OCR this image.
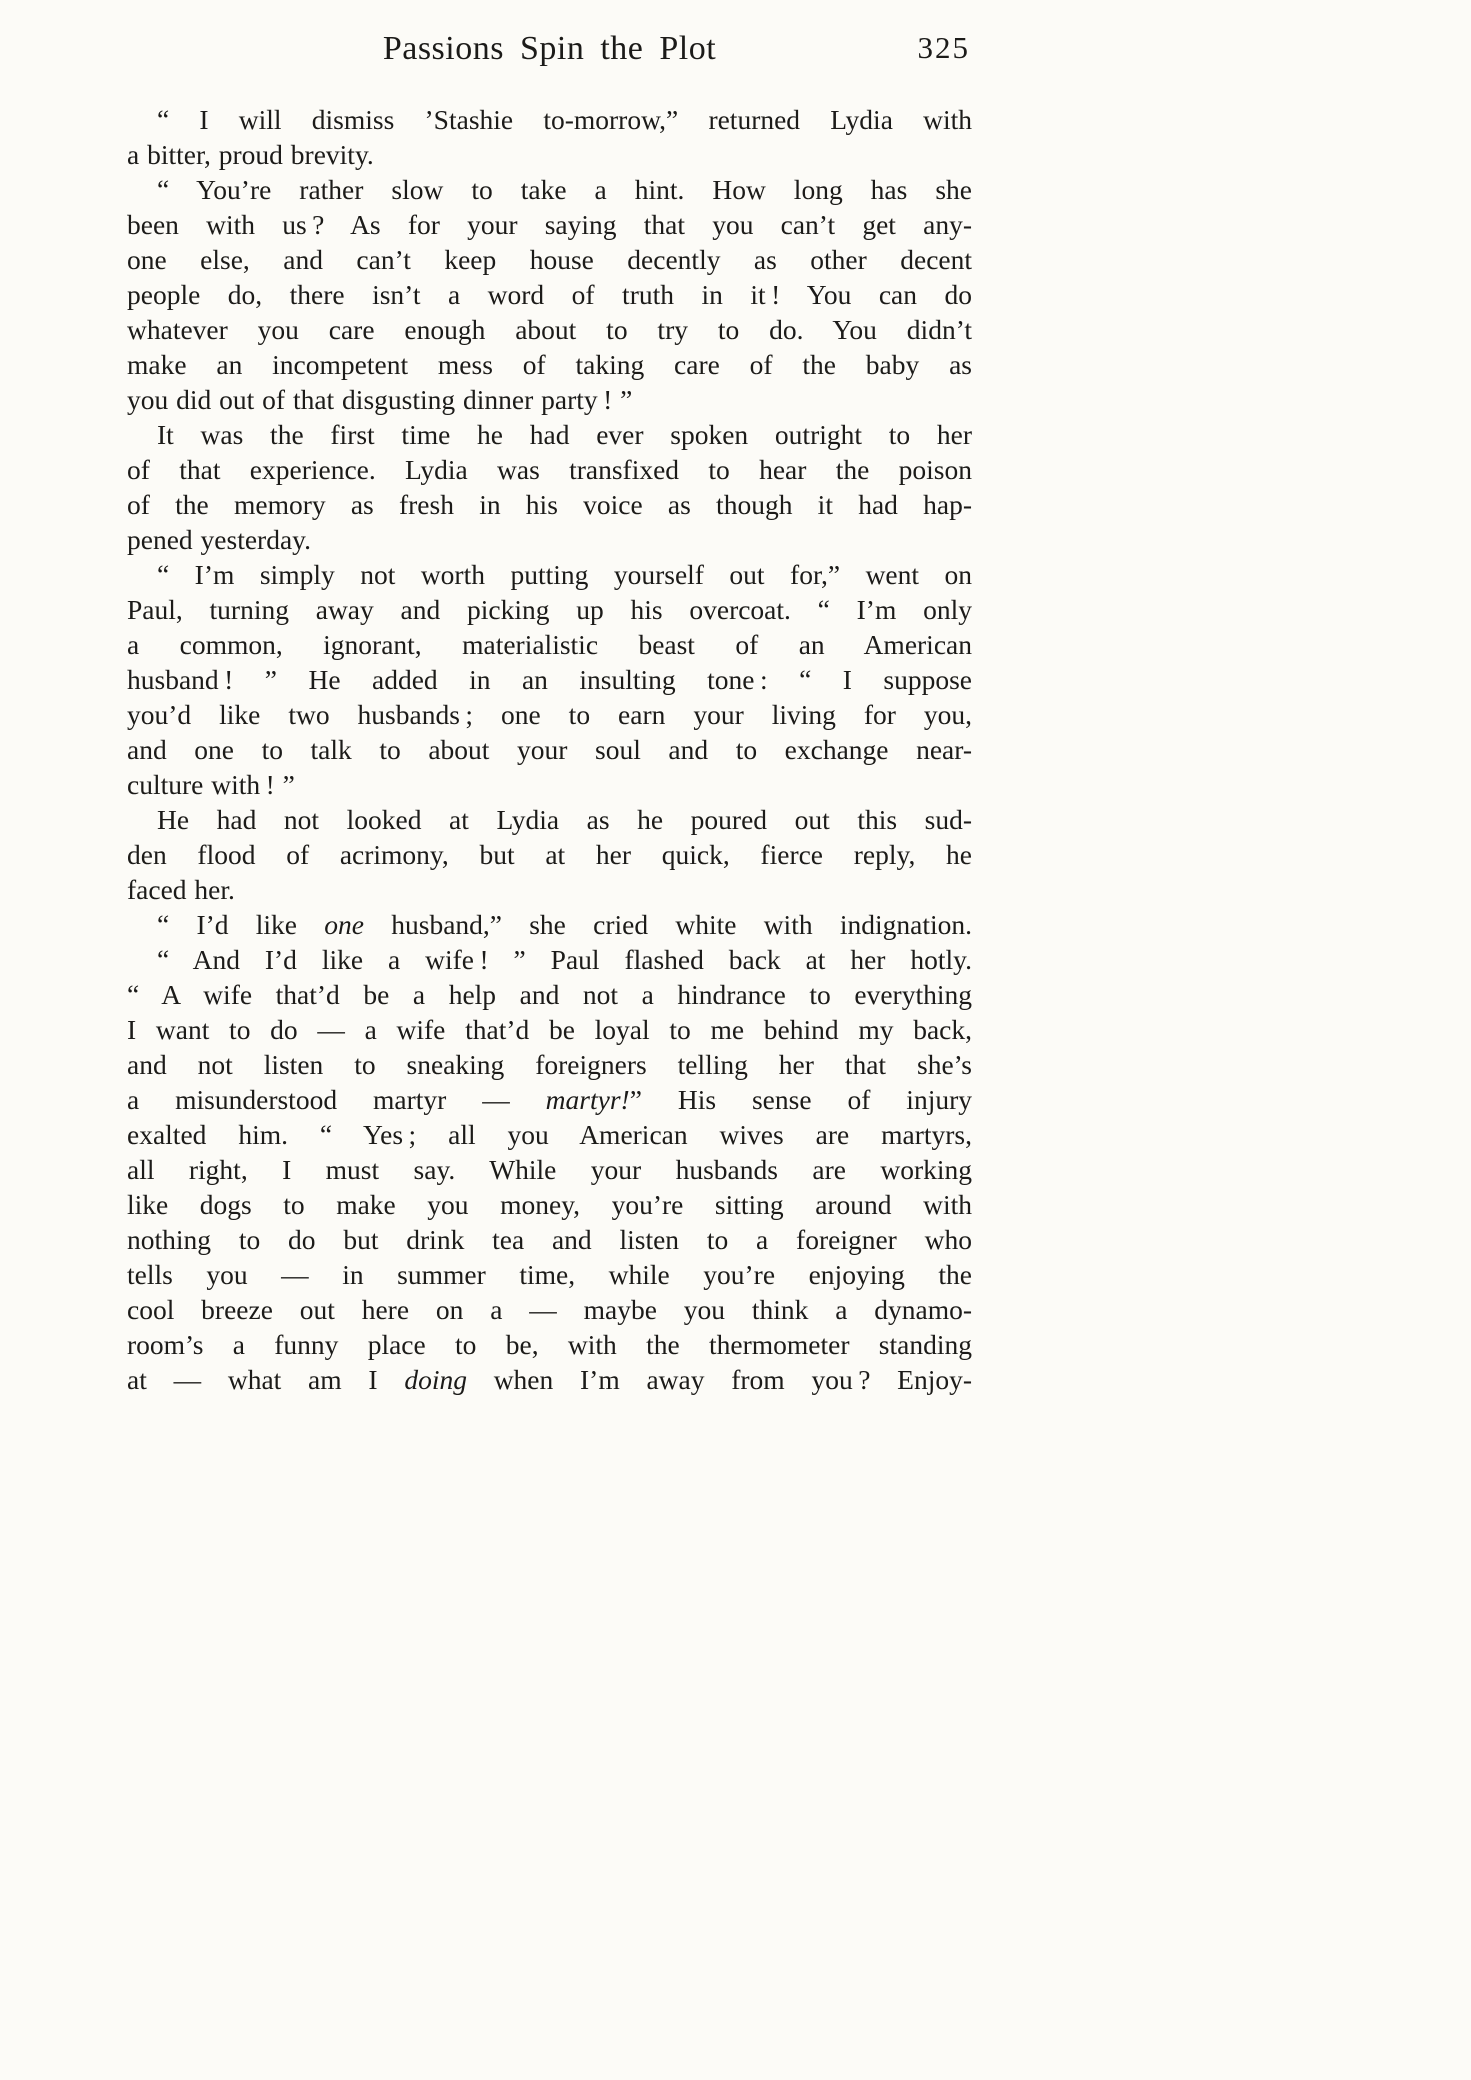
Passions Spin the Plot	325
“ I will dismiss ’Stashie to-morrow,” returned Lydia with
a bitter, proud brevity.
“ You’re rather slow to take a hint. How long has she
been with us ? As for your saying that you can’t get any-
one else, and can’t keep house decently as other decent
people do, there isn’t a word of truth in it ! You can do
whatever you care enough about to try to do. You didn’t
make an incompetent mess of taking care of the baby as
you did out of that disgusting dinner party ! ”
It was the first time he had ever spoken outright to her
of that experience. Lydia was transfixed to hear the poison
of the memory as fresh in his voice as though it had hap-
pened yesterday.
“ I’m simply not worth putting yourself out for,” went on
Paul, turning away and picking up his overcoat. “ I’m only
a common, ignorant, materialistic beast of an American
husband ! ” He added in an insulting tone : “ I suppose
you’d like two husbands ; one to earn your living for you,
and one to talk to about your soul and to exchange near-
culture with ! ”
He had not looked at Lydia as he poured out this sud-
den flood of acrimony, but at her quick, fierce reply, he
faced her.
“ I’d like one husband,” she cried white with indignation.
“ And I’d like a wife ! ” Paul flashed back at her hotly.
“ A wife that’d be a help and not a hindrance to everything
I want to do — a wife that’d be loyal to me behind my back,
and not listen to sneaking foreigners telling her that she’s
a misunderstood martyr — martyr!” His sense of injury
exalted him. “ Yes ; all you American wives are martyrs,
all right, I must say. While your husbands are working
like dogs to make you money, you’re sitting around with
nothing to do but drink tea and listen to a foreigner who
tells you — in summer time, while you’re enjoying the
cool breeze out here on a — maybe you think a dynamo-
room’s a funny place to be, with the thermometer standing
at — what am I doing when I’m away from you ? Enjoy-
